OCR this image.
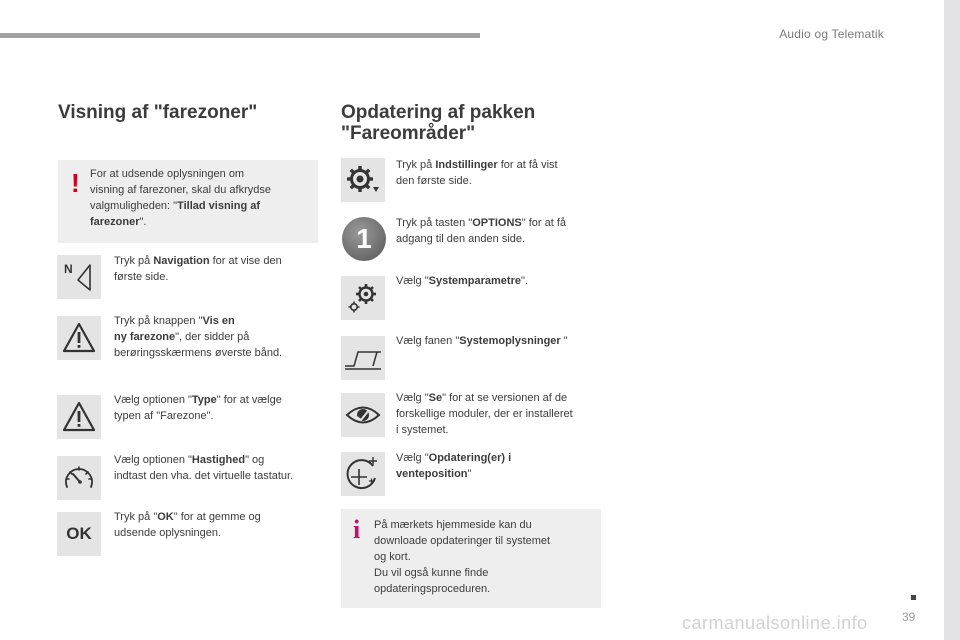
Audio og Telematik
Visning af "farezoner"
! For at udsende oplysningen om
visning af farezoner, skal du afkrydse
valgmuligheden: "Tillad visning af
farezoner".
N
Tryk på Navigation for at vise den
første side.
Tryk på knappen "Vis en
ny farezone", der sidder på
berøringsskærmens øverste bånd.
Vælg optionen "Type" for at vælge
typen af "Farezone".
Vælg optionen "Hastighed" og
indtast den vha. det virtuelle tastatur.
OK
Tryk på "OK" for at gemme og
udsende oplysningen.
Opdatering af pakken
"Fareområder"
Tryk på Indstillinger for at få vist
den første side.
1	Tryk på tasten "OPTIONS" for at få
adgang til den anden side.
Vælg "Systemparametre".
Vælg fanen "Systemoplysninger "
Vælg "Se" for at se versionen af de
forskellige moduler, der er installeret
i systemet.
Vælg "Opdatering(er) i
venteposition"
i På mærkets hjemmeside kan du
downloade opdateringer til systemet
og kort.
Du vil også kunne finde
opdateringsproceduren.
39
carmanualsonline.info
